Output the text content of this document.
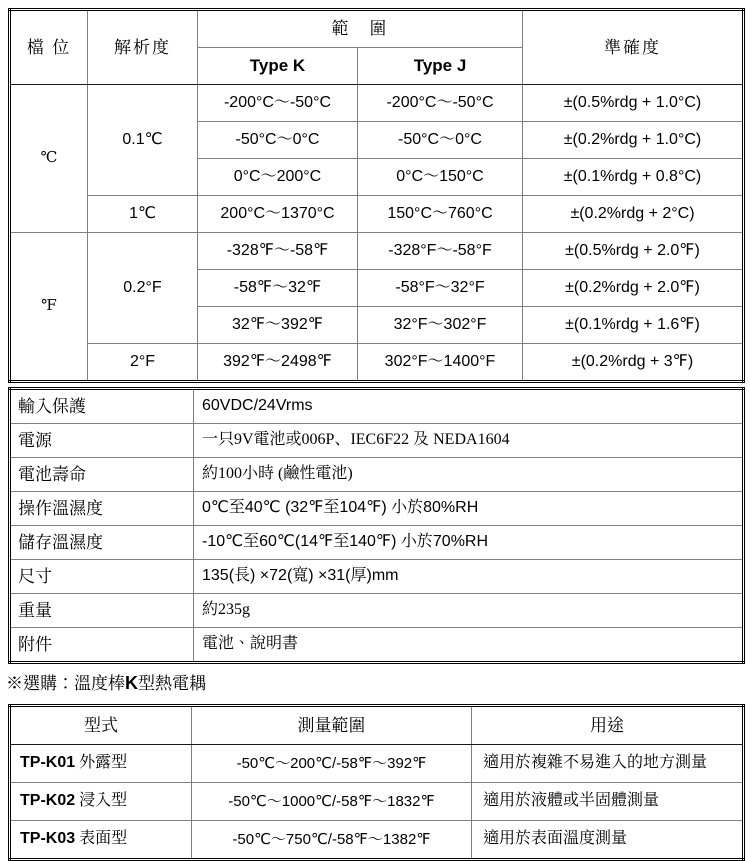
檔 位	解析度	範　圍		準確度
		Type K	Type J	
℃	0.1℃	-200°C～-50°C	-200°C～-50°C	±(0.5%rdg + 1.0°C)
		-50°C～0°C	-50°C～0°C	±(0.2%rdg + 1.0°C)
		0°C～200°C	0°C～150°C	±(0.1%rdg + 0.8°C)
	1℃	200°C～1370°C	150°C～760°C	±(0.2%rdg + 2°C)
℉	0.2°F	-328℉～-58℉	-328°F～-58°F	±(0.5%rdg + 2.0℉)
		-58℉～32℉	-58°F～32°F	±(0.2%rdg + 2.0℉)
		32℉～392℉	32°F～302°F	±(0.1%rdg + 1.6℉)
	2°F	392℉～2498℉	302°F～1400°F	±(0.2%rdg + 3℉)
輸入保護	60VDC/24Vrms
電源	一只9V電池或006P、IEC6F22 及 NEDA1604
電池壽命	約100小時 (鹼性電池)
操作溫濕度	0℃至40℃ (32℉至104℉) 小於80%RH
儲存溫濕度	-10℃至60℃(14℉至140℉) 小於70%RH
尺寸	135(長) ×72(寬) ×31(厚)mm
重量	約235g
附件	電池、說明書
※選購：溫度棒K型熱電耦
型式	測量範圍	用途
TP-K01 外露型	-50℃～200℃/-58℉～392℉	適用於複雜不易進入的地方測量
TP-K02 浸入型	-50℃～1000℃/-58℉～1832℉	適用於液體或半固體測量
TP-K03 表面型	-50℃～750℃/-58℉～1382℉	適用於表面溫度測量
